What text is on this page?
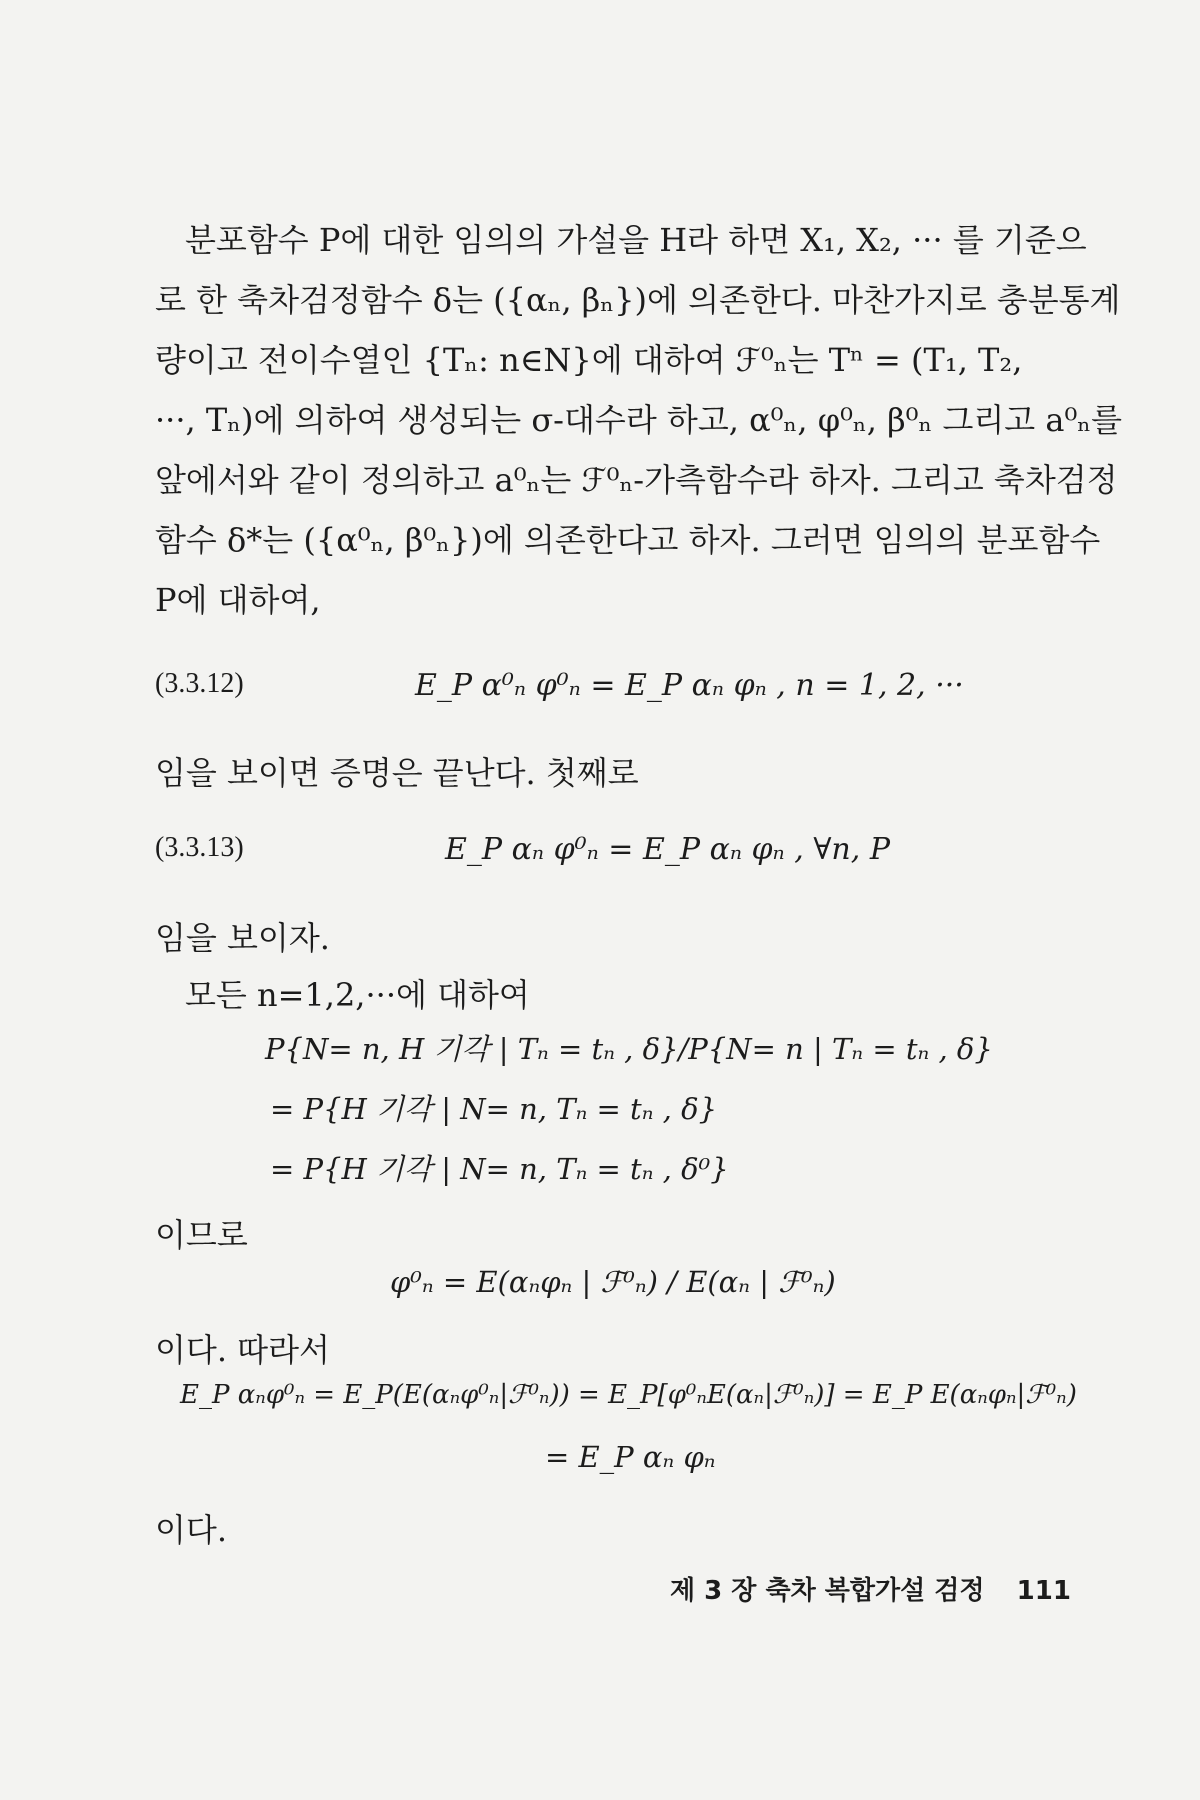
분포함수 P에 대한 임의의 가설을 H라 하면 X₁, X₂, ··· 를 기준으
로 한 축차검정함수 δ는 ({αₙ, βₙ})에 의존한다. 마찬가지로 충분통계
량이고 전이수열인 {Tₙ: n∈N}에 대하여 ℱ⁰ₙ는 Tⁿ = (T₁, T₂,
···, Tₙ)에 의하여 생성되는 σ-대수라 하고, α⁰ₙ, φ⁰ₙ, β⁰ₙ 그리고 a⁰ₙ를
앞에서와 같이 정의하고 a⁰ₙ는 ℱ⁰ₙ-가측함수라 하자. 그리고 축차검정
함수 δ*는 ({α⁰ₙ, β⁰ₙ})에 의존한다고 하자. 그러면 임의의 분포함수
P에 대하여,
(3.3.12)	E_P α⁰ₙ φ⁰ₙ = E_P αₙ φₙ , n = 1, 2, ···
임을 보이면 증명은 끝난다. 첫째로
(3.3.13)	E_P αₙ φ⁰ₙ = E_P αₙ φₙ , ∀n, P
임을 보이자.
모든 n=1,2,···에 대하여
P{N= n, H 기각 | Tₙ = tₙ , δ}/P{N= n | Tₙ = tₙ , δ}
= P{H 기각 | N= n, Tₙ = tₙ , δ}
= P{H 기각 | N= n, Tₙ = tₙ , δ⁰}
이므로
φ⁰ₙ = E(αₙφₙ | ℱ⁰ₙ) / E(αₙ | ℱ⁰ₙ)
이다. 따라서
E_P αₙφ⁰ₙ = E_P(E(αₙφ⁰ₙ|ℱ⁰ₙ)) = E_P[φ⁰ₙE(αₙ|ℱ⁰ₙ)] = E_P E(αₙφₙ|ℱ⁰ₙ)
= E_P αₙ φₙ
이다.
제 3 장 축차 복합가설 검정 111
